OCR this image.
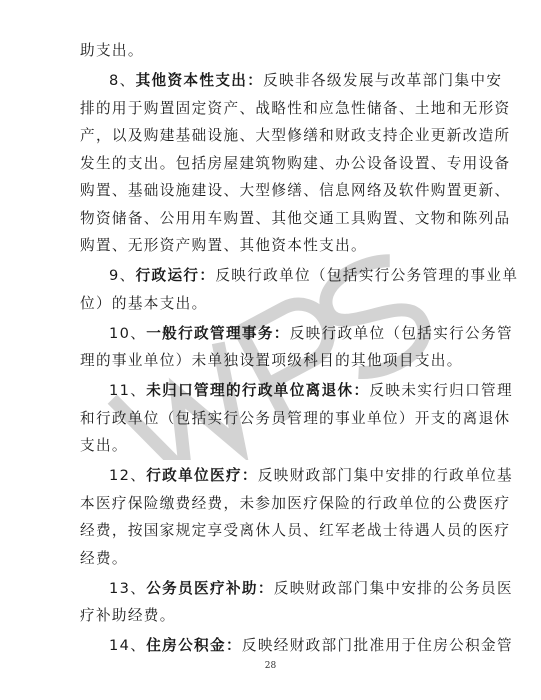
助支出。
8、其他资本性支出：反映非各级发展与改革部门集中安
排的用于购置固定资产、战略性和应急性储备、土地和无形资
产，以及购建基础设施、大型修缮和财政支持企业更新改造所
发生的支出。包括房屋建筑物购建、办公设备设置、专用设备
购置、基础设施建设、大型修缮、信息网络及软件购置更新、
物资储备、公用用车购置、其他交通工具购置、文物和陈列品
购置、无形资产购置、其他资本性支出。
9、行政运行：反映行政单位（包括实行公务管理的事业单
位）的基本支出。
10、一般行政管理事务：反映行政单位（包括实行公务管
理的事业单位）未单独设置项级科目的其他项目支出。
11、未归口管理的行政单位离退休：反映未实行归口管理
和行政单位（包括实行公务员管理的事业单位）开支的离退休
支出。
12、行政单位医疗：反映财政部门集中安排的行政单位基
本医疗保险缴费经费，未参加医疗保险的行政单位的公费医疗
经费，按国家规定享受离休人员、红军老战士待遇人员的医疗
经费。
13、公务员医疗补助：反映财政部门集中安排的公务员医
疗补助经费。
14、住房公积金：反映经财政部门批准用于住房公积金管
28
